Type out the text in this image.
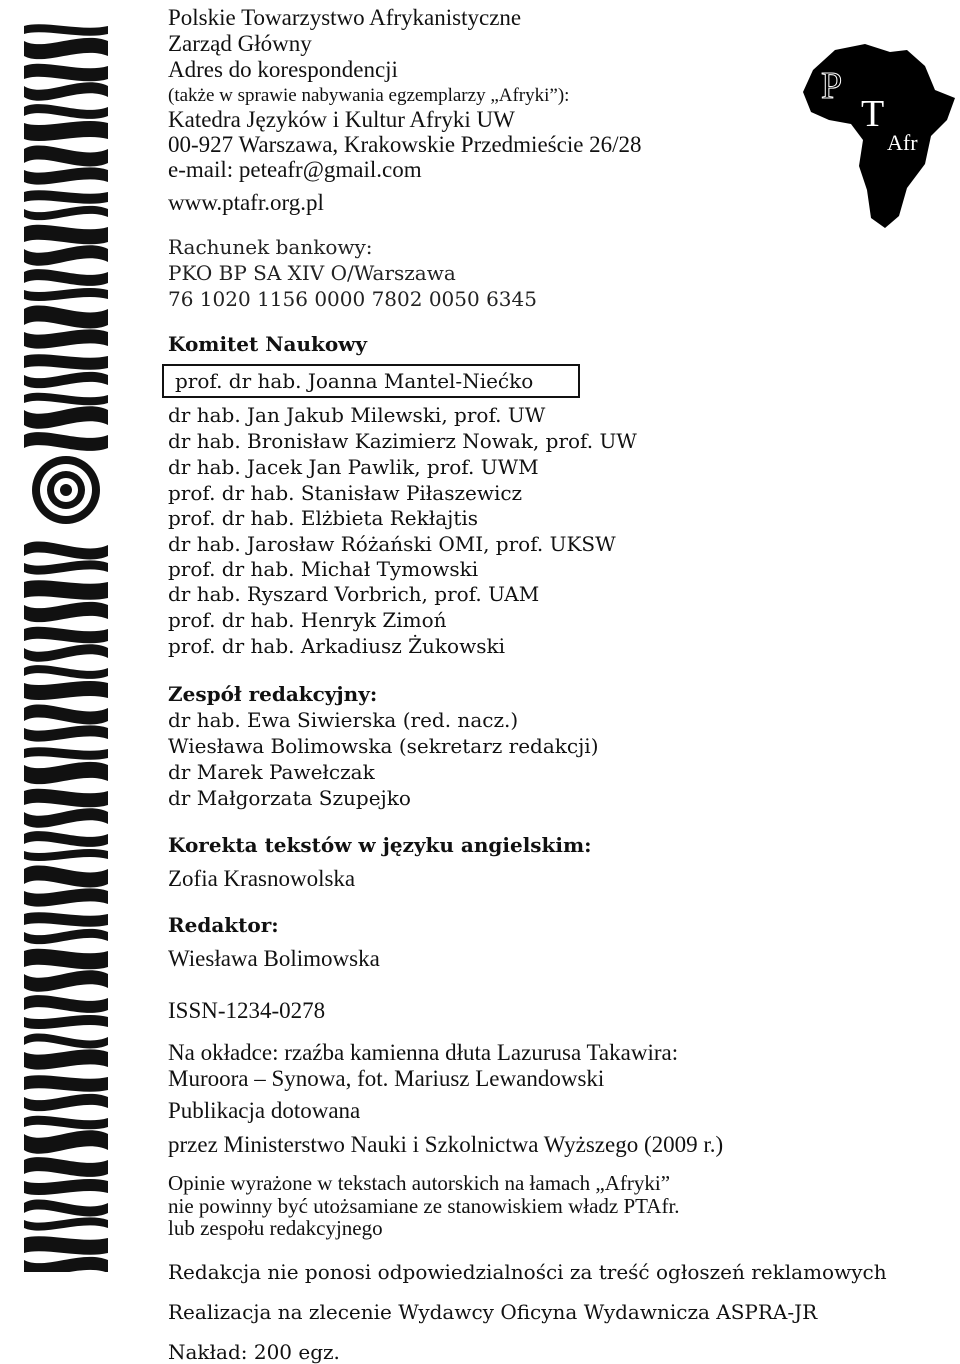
P
T
Afr
Polskie Towarzystwo Afrykanistyczne
Zarząd Główny
Adres do korespondencji
(także w sprawie nabywania egzemplarzy „Afryki”):
Katedra Języków i Kultur Afryki UW
00-927 Warszawa, Krakowskie Przedmieście 26/28
e-mail: peteafr@gmail.com
www.ptafr.org.pl
Rachunek bankowy:
PKO BP SA XIV O/Warszawa
76 1020 1156 0000 7802 0050 6345
Komitet Naukowy
prof. dr hab. Joanna Mantel-Niećko
dr hab. Jan Jakub Milewski, prof. UW
dr hab. Bronisław Kazimierz Nowak, prof. UW
dr hab. Jacek Jan Pawlik, prof. UWM
prof. dr hab. Stanisław Piłaszewicz
prof. dr hab. Elżbieta Rekłajtis
dr hab. Jarosław Różański OMI, prof. UKSW
prof. dr hab. Michał Tymowski
dr hab. Ryszard Vorbrich, prof. UAM
prof. dr hab. Henryk Zimoń
prof. dr hab. Arkadiusz Żukowski
Zespół redakcyjny:
dr hab. Ewa Siwierska (red. nacz.)
Wiesława Bolimowska (sekretarz redakcji)
dr Marek Pawełczak
dr Małgorzata Szupejko
Korekta tekstów w języku angielskim:
Zofia Krasnowolska
Redaktor:
Wiesława Bolimowska
ISSN-1234-0278
Na okładce: rzaźba kamienna dłuta Lazurusa Takawira:
Muroora – Synowa, fot. Mariusz Lewandowski
Publikacja dotowana
przez Ministerstwo Nauki i Szkolnictwa Wyższego (2009 r.)
Opinie wyrażone w tekstach autorskich na łamach „Afryki”
nie powinny być utożsamiane ze stanowiskiem władz PTAfr.
lub zespołu redakcyjnego
Redakcja nie ponosi odpowiedzialności za treść ogłoszeń reklamowych
Realizacja na zlecenie Wydawcy Oficyna Wydawnicza ASPRA-JR
Nakład: 200 egz.
